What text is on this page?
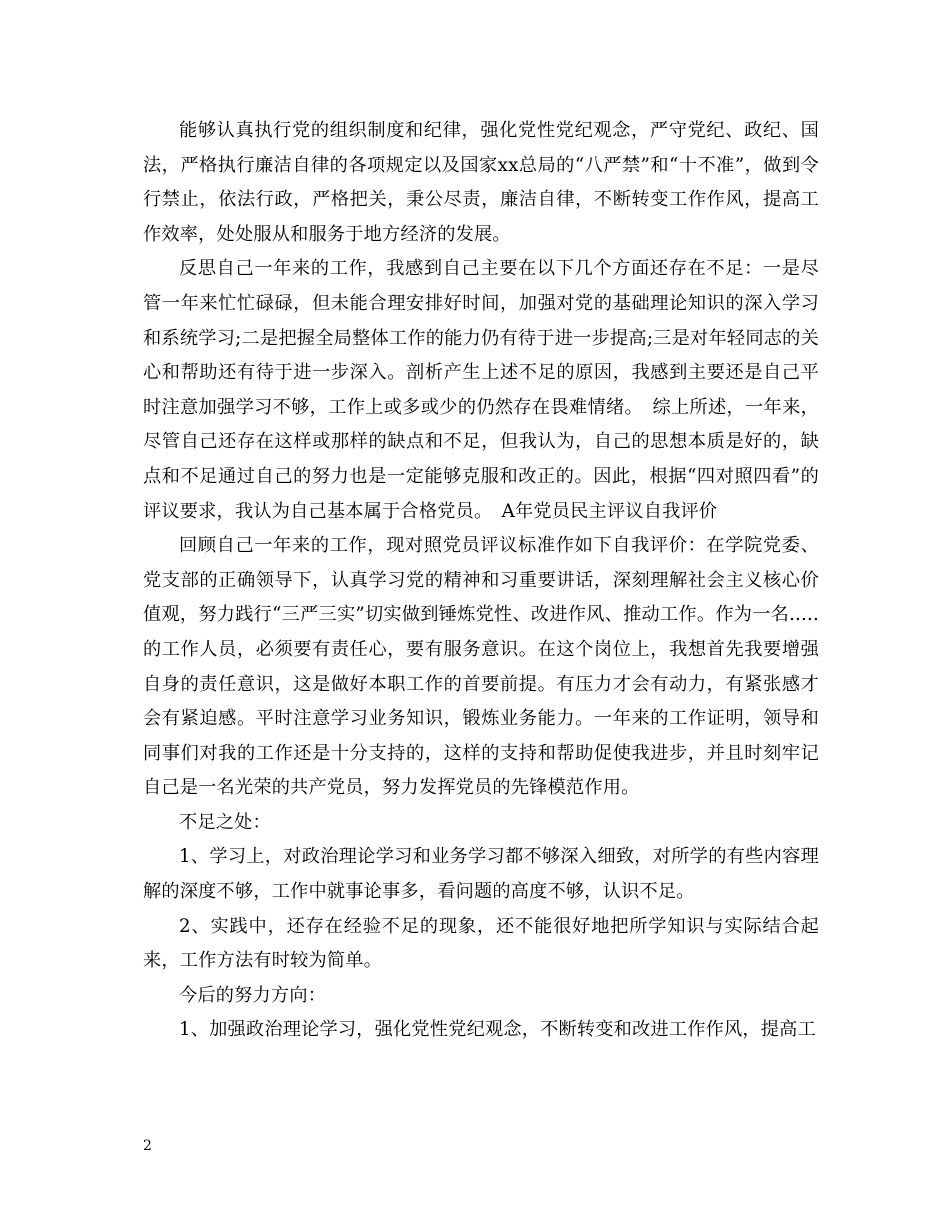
能够认真执行党的组织制度和纪律，强化党性党纪观念，严守党纪、政纪、国法，严格执行廉洁自律的各项规定以及国家xx总局的“八严禁”和“十不准”，做到令行禁止，依法行政，严格把关，秉公尽责，廉洁自律，不断转变工作作风，提高工作效率，处处服从和服务于地方经济的发展。

反思自己一年来的工作，我感到自己主要在以下几个方面还存在不足：一是尽管一年来忙忙碌碌，但未能合理安排好时间，加强对党的基础理论知识的深入学习和系统学习;二是把握全局整体工作的能力仍有待于进一步提高;三是对年轻同志的关心和帮助还有待于进一步深入。剖析产生上述不足的原因，我感到主要还是自己平时注意加强学习不够，工作上或多或少的仍然存在畏难情绪。　综上所述，一年来，尽管自己还存在这样或那样的缺点和不足，但我认为，自己的思想本质是好的，缺点和不足通过自己的努力也是一定能够克服和改正的。因此，根据“四对照四看”的评议要求，我认为自己基本属于合格党员。　A年党员民主评议自我评价

回顾自己一年来的工作，现对照党员评议标准作如下自我评价：在学院党委、党支部的正确领导下，认真学习党的精神和习重要讲话，深刻理解社会主义核心价值观，努力践行“三严三实”切实做到锤炼党性、改进作风、推动工作。作为一名.....的工作人员，必须要有责任心，要有服务意识。在这个岗位上，我想首先我要增强自身的责任意识，这是做好本职工作的首要前提。有压力才会有动力，有紧张感才会有紧迫感。平时注意学习业务知识，锻炼业务能力。一年来的工作证明，领导和同事们对我的工作还是十分支持的，这样的支持和帮助促使我进步，并且时刻牢记自己是一名光荣的共产党员，努力发挥党员的先锋模范作用。

不足之处：

1、学习上，对政治理论学习和业务学习都不够深入细致，对所学的有些内容理解的深度不够，工作中就事论事多，看问题的高度不够，认识不足。

2、实践中，还存在经验不足的现象，还不能很好地把所学知识与实际结合起来，工作方法有时较为简单。

今后的努力方向：

1、加强政治理论学习，强化党性党纪观念，不断转变和改进工作作风，提高工

2
